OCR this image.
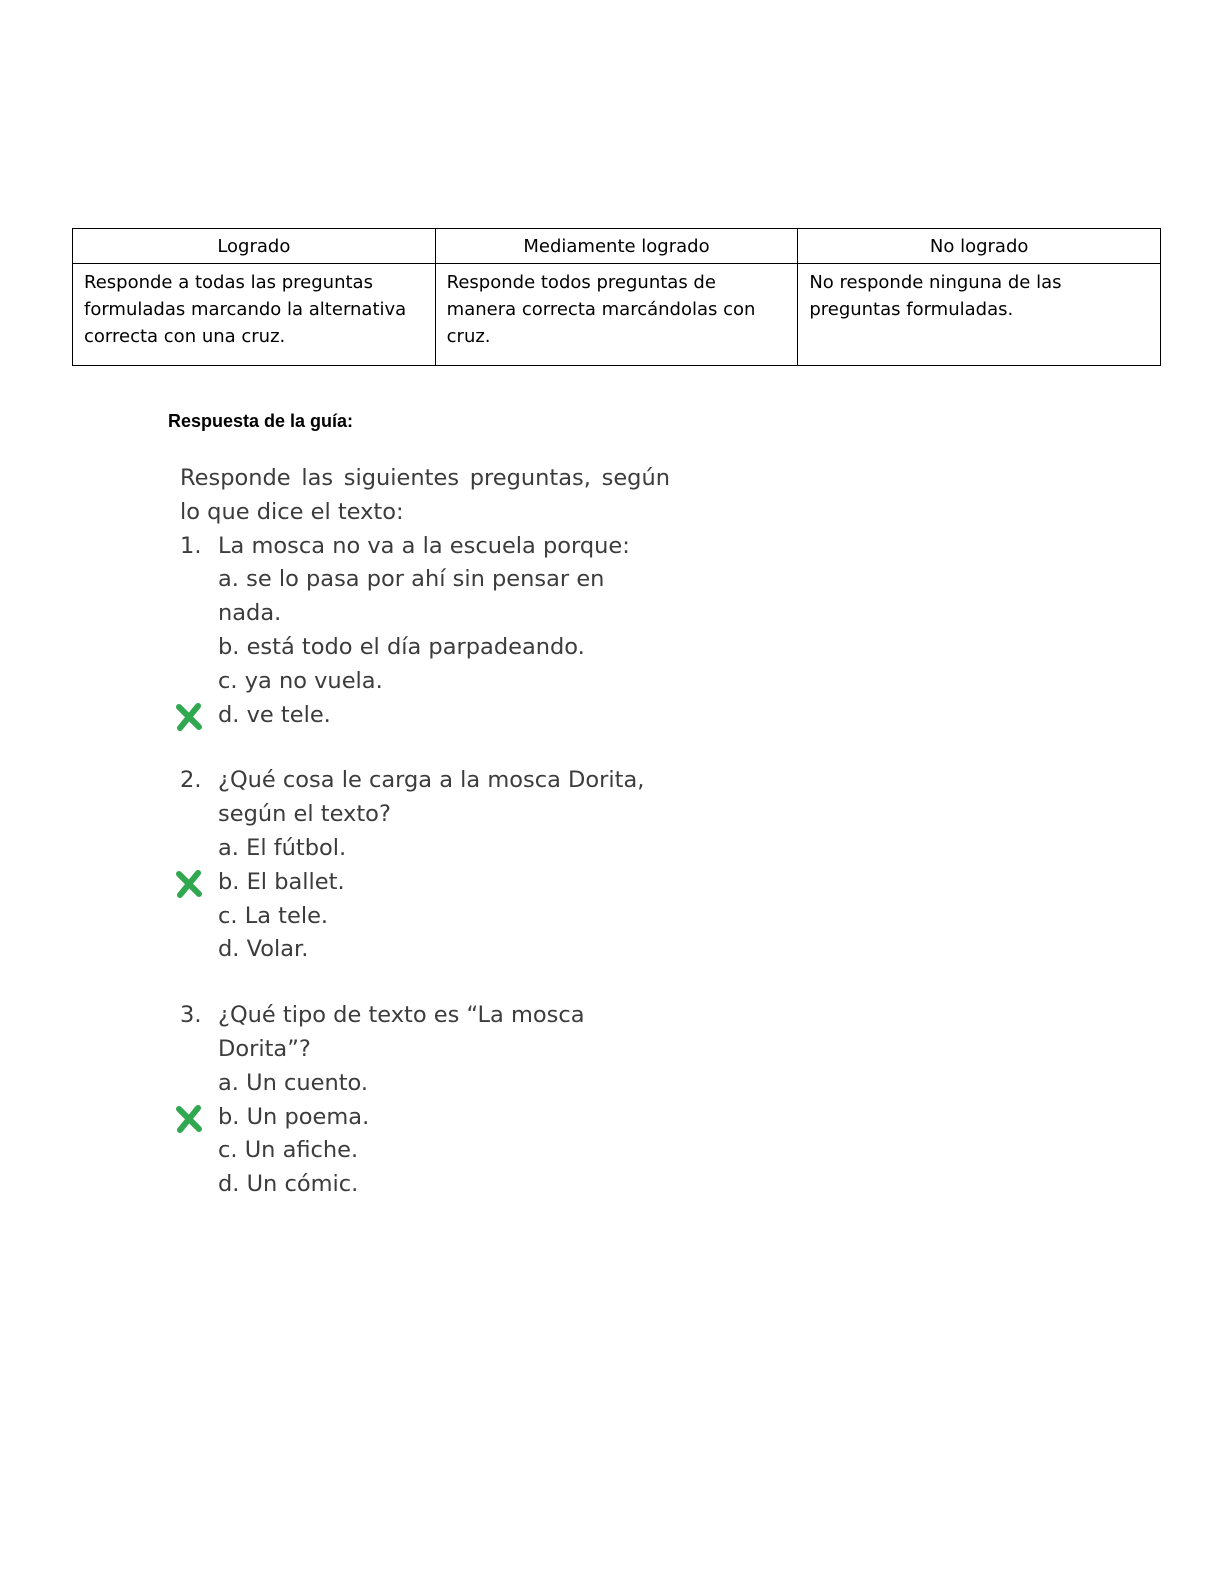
Logrado	Mediamente logrado	No logrado
Responde a todas las preguntas formuladas marcando la alternativa correcta con una cruz.	Responde todos preguntas de manera correcta marcándolas con cruz.	No responde ninguna de las preguntas formuladas.

Respuesta de la guía:

Responde las siguientes preguntas, según

lo que dice el texto:

1. La mosca no va a la escuela porque:

a. se lo pasa por ahí sin pensar en nada.

b. está todo el día parpadeando.

c. ya no vuela.

d. ve tele.

2. ¿Qué cosa le carga a la mosca Dorita,
según el texto?

a. El fútbol.

b. El ballet.

c. La tele.

d. Volar.

3. ¿Qué tipo de texto es “La mosca Dorita”?

a. Un cuento.

b. Un poema.

c. Un afiche.

d. Un cómic.
